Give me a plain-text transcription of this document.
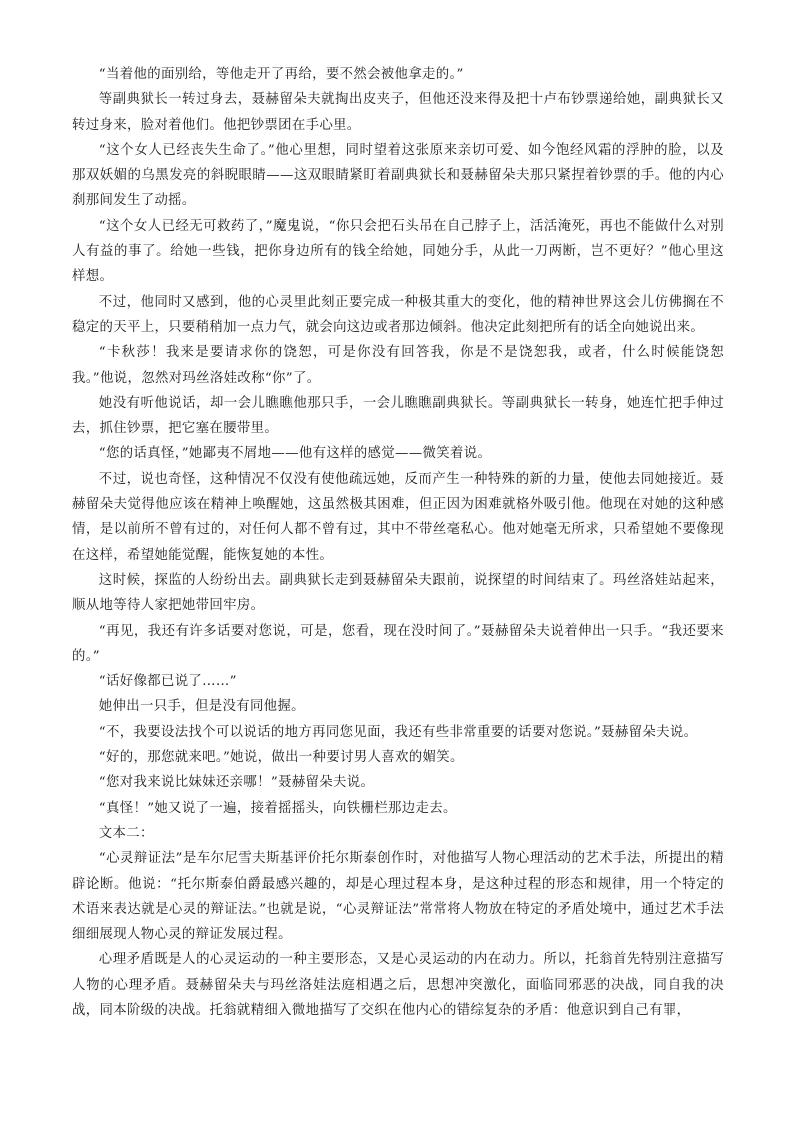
“当着他的面别给，等他走开了再给，要不然会被他拿走的。”

等副典狱长一转过身去，聂赫留朵夫就掏出皮夹子，但他还没来得及把十卢布钞票递给她，副典狱长又转过身来，脸对着他们。他把钞票团在手心里。

“这个女人已经丧失生命了。”他心里想，同时望着这张原来亲切可爱、如今饱经风霜的浮肿的脸，以及那双妖媚的乌黑发亮的斜睨眼睛——这双眼睛紧盯着副典狱长和聂赫留朵夫那只紧捏着钞票的手。他的内心刹那间发生了动摇。

“这个女人已经无可救药了，”魔鬼说，“你只会把石头吊在自己脖子上，活活淹死，再也不能做什么对别人有益的事了。给她一些钱，把你身边所有的钱全给她，同她分手，从此一刀两断，岂不更好？”他心里这样想。

不过，他同时又感到，他的心灵里此刻正要完成一种极其重大的变化，他的精神世界这会儿仿佛搁在不稳定的天平上，只要稍稍加一点力气，就会向这边或者那边倾斜。他决定此刻把所有的话全向她说出来。

“卡秋莎！我来是要请求你的饶恕，可是你没有回答我，你是不是饶恕我，或者，什么时候能饶恕我。”他说，忽然对玛丝洛娃改称“你”了。

她没有听他说话，却一会儿瞧瞧他那只手，一会儿瞧瞧副典狱长。等副典狱长一转身，她连忙把手伸过去，抓住钞票，把它塞在腰带里。

“您的话真怪，”她鄙夷不屑地——他有这样的感觉——微笑着说。

不过，说也奇怪，这种情况不仅没有使他疏远她，反而产生一种特殊的新的力量，使他去同她接近。聂赫留朵夫觉得他应该在精神上唤醒她，这虽然极其困难，但正因为困难就格外吸引他。他现在对她的这种感情，是以前所不曾有过的，对任何人都不曾有过，其中不带丝毫私心。他对她毫无所求，只希望她不要像现在这样，希望她能觉醒，能恢复她的本性。

这时候，探监的人纷纷出去。副典狱长走到聂赫留朵夫跟前，说探望的时间结束了。玛丝洛娃站起来，顺从地等待人家把她带回牢房。

“再见，我还有许多话要对您说，可是，您看，现在没时间了。”聂赫留朵夫说着伸出一只手。“我还要来的。”

“话好像都已说了……”

她伸出一只手，但是没有同他握。

“不，我要设法找个可以说话的地方再同您见面，我还有些非常重要的话要对您说。”聂赫留朵夫说。

“好的，那您就来吧。”她说，做出一种要讨男人喜欢的媚笑。

“您对我来说比妹妹还亲哪！”聂赫留朵夫说。

“真怪！”她又说了一遍，接着摇摇头，向铁栅栏那边走去。

文本二：

“心灵辩证法”是车尔尼雪夫斯基评价托尔斯泰创作时，对他描写人物心理活动的艺术手法，所提出的精辟论断。他说：“托尔斯泰伯爵最感兴趣的，却是心理过程本身，是这种过程的形态和规律，用一个特定的术语来表达就是心灵的辩证法。”也就是说，“心灵辩证法”常常将人物放在特定的矛盾处境中，通过艺术手法细细展现人物心灵的辩证发展过程。

心理矛盾既是人的心灵运动的一种主要形态，又是心灵运动的内在动力。所以，托翁首先特别注意描写人物的心理矛盾。聂赫留朵夫与玛丝洛娃法庭相遇之后，思想冲突激化，面临同邪恶的决战，同自我的决战，同本阶级的决战。托翁就精细入微地描写了交织在他内心的错综复杂的矛盾：他意识到自己有罪，
